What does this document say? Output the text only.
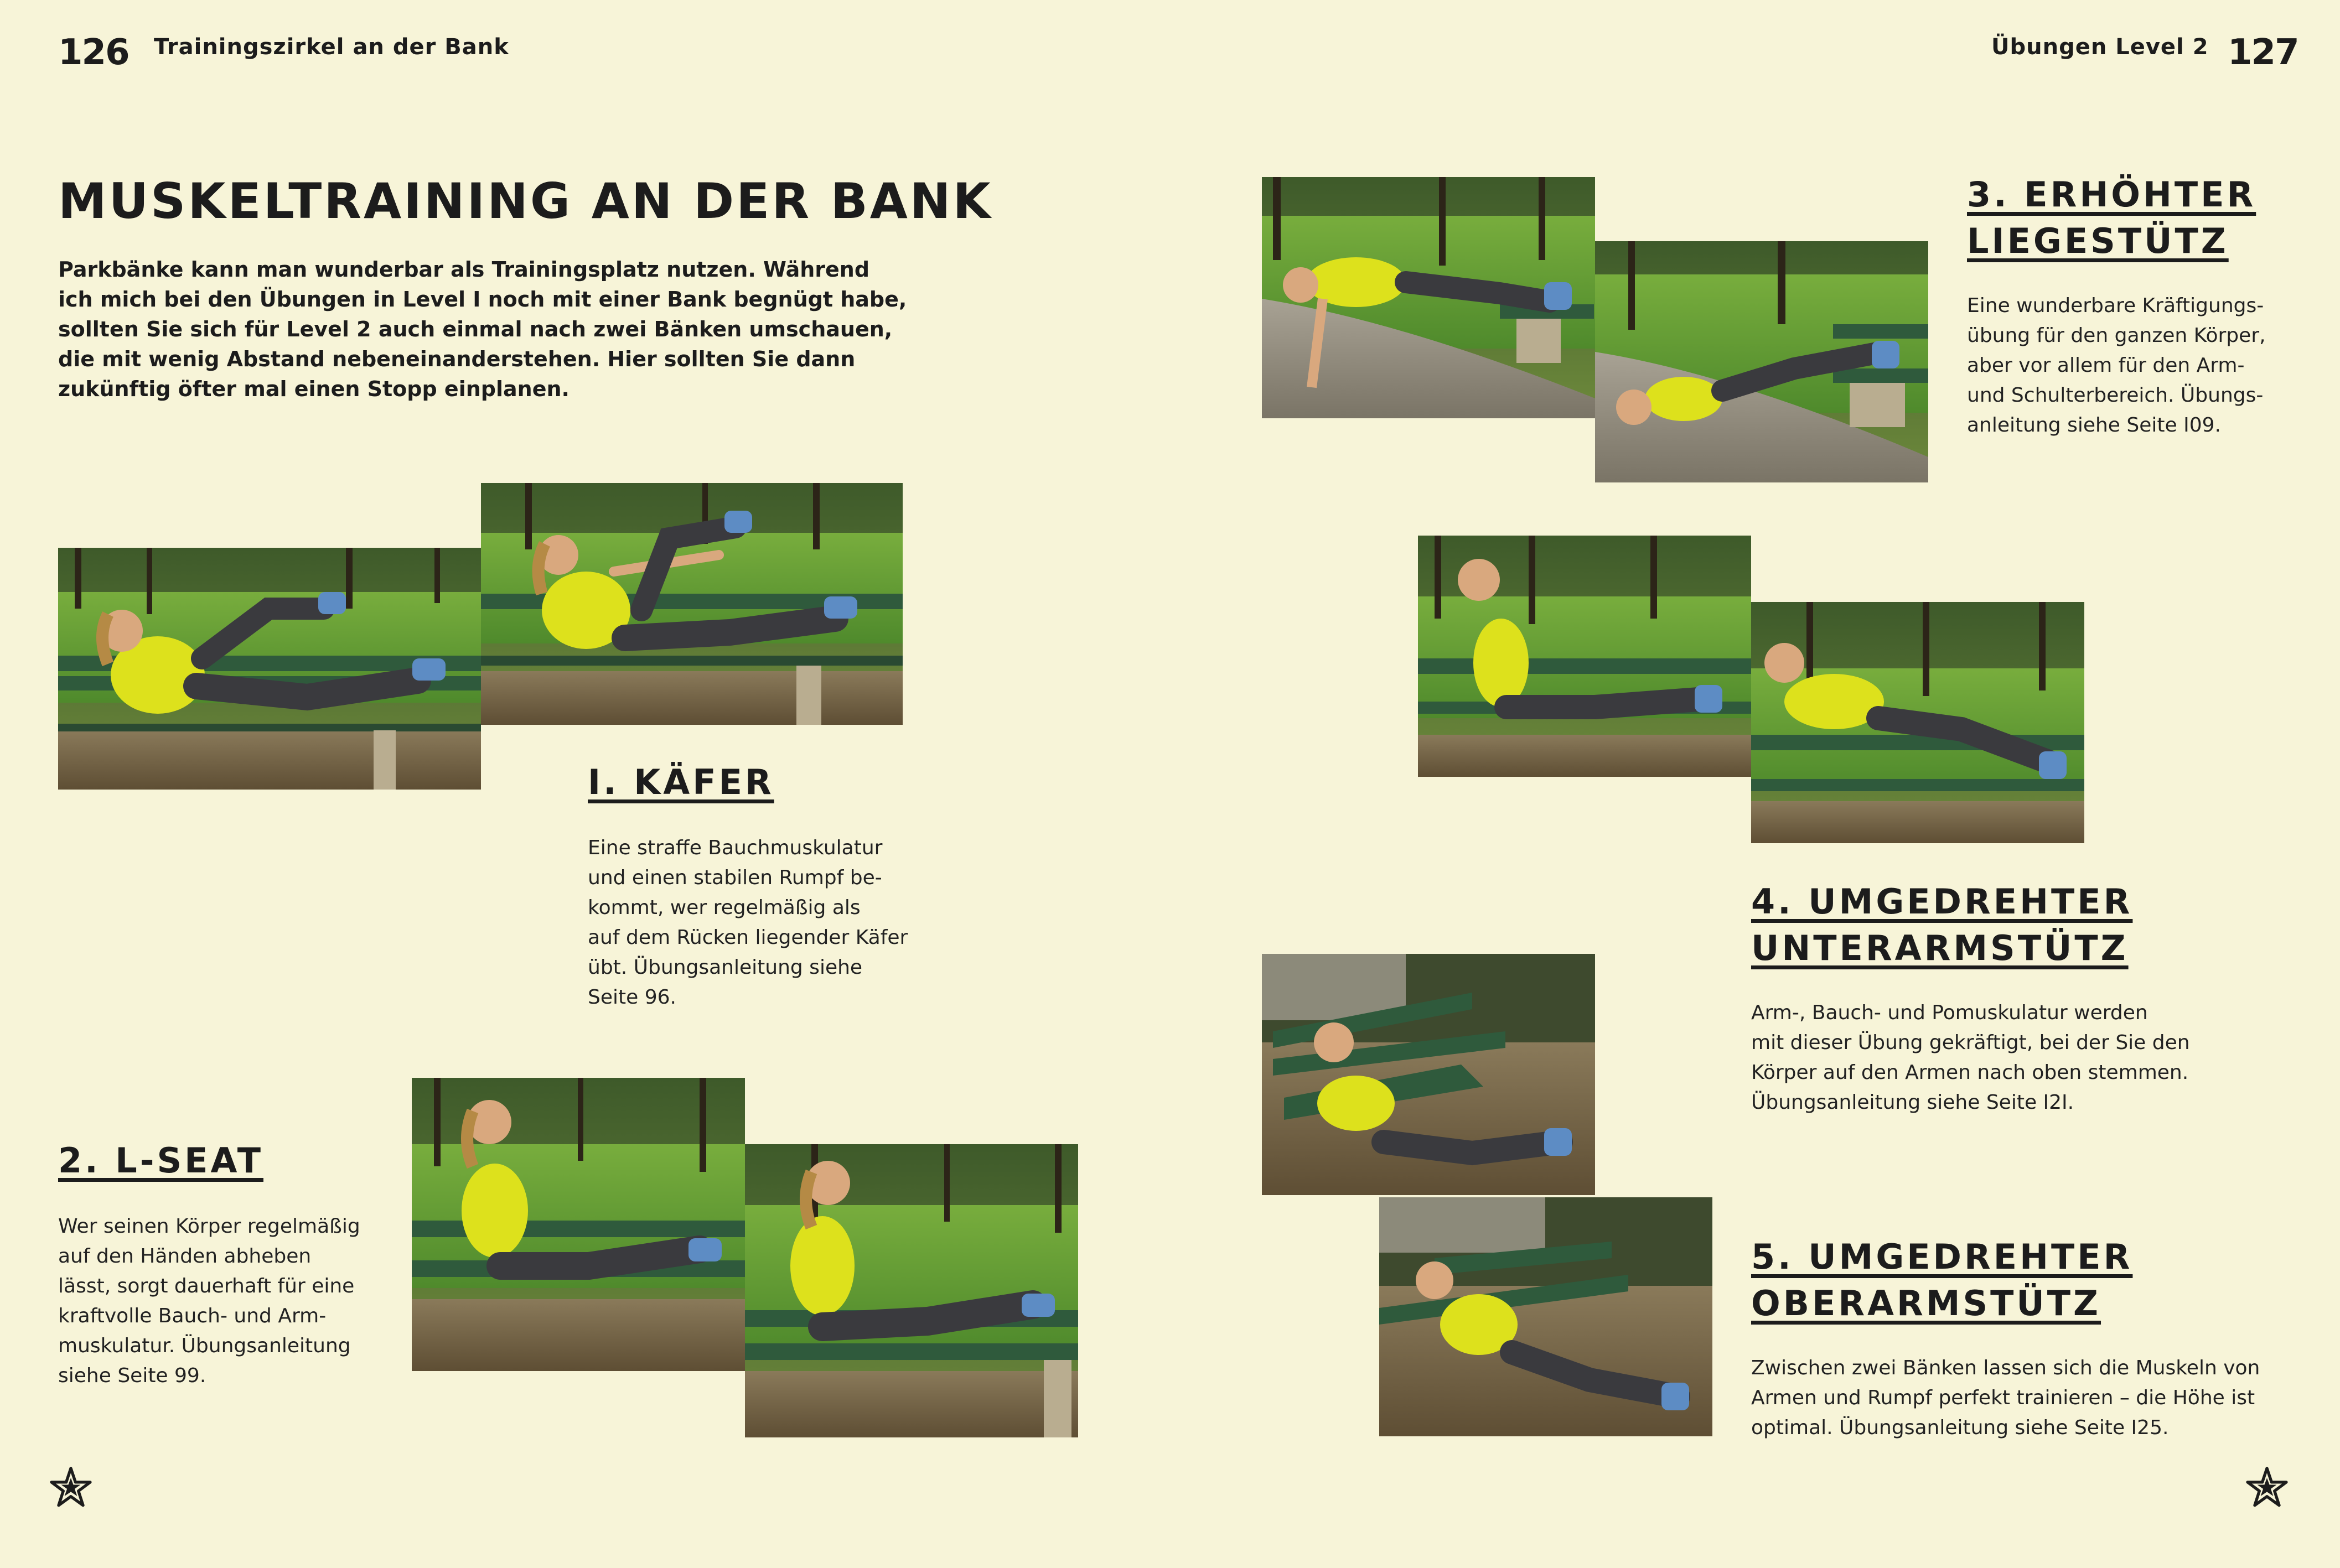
126 Trainingszirkel an der Bank	Übungen Level 2 127
MUSKELTRAINING AN DER BANK
Parkbänke kann man wunderbar als Trainingsplatz nutzen. Während
ich mich bei den Übungen in Level I noch mit einer Bank begnügt habe,
sollten Sie sich für Level 2 auch einmal nach zwei Bänken umschauen,
die mit wenig Abstand nebeneinanderstehen. Hier sollten Sie dann
zukünftig öfter mal einen Stopp einplanen.
I. KÄFER
Eine straffe Bauchmuskulatur
und einen stabilen Rumpf be-
kommt, wer regelmäßig als
auf dem Rücken liegender Käfer
übt. Übungsanleitung siehe
Seite 96.
2. L-SEAT
Wer seinen Körper regelmäßig
auf den Händen abheben
lässt, sorgt dauerhaft für eine
kraftvolle Bauch- und Arm-
muskulatur. Übungsanleitung
siehe Seite 99.
3. ERHÖHTER LIEGESTÜTZ
Eine wunderbare Kräftigungs-
übung für den ganzen Körper,
aber vor allem für den Arm-
und Schulterbereich. Übungs-
anleitung siehe Seite I09.
4. UMGEDREHTER UNTERARMSTÜTZ
Arm-, Bauch- und Pomuskulatur werden
mit dieser Übung gekräftigt, bei der Sie den
Körper auf den Armen nach oben stemmen.
Übungsanleitung siehe Seite I2I.
5. UMGEDREHTER OBERARMSTÜTZ
Zwischen zwei Bänken lassen sich die Muskeln von
Armen und Rumpf perfekt trainieren – die Höhe ist
optimal. Übungsanleitung siehe Seite I25.
